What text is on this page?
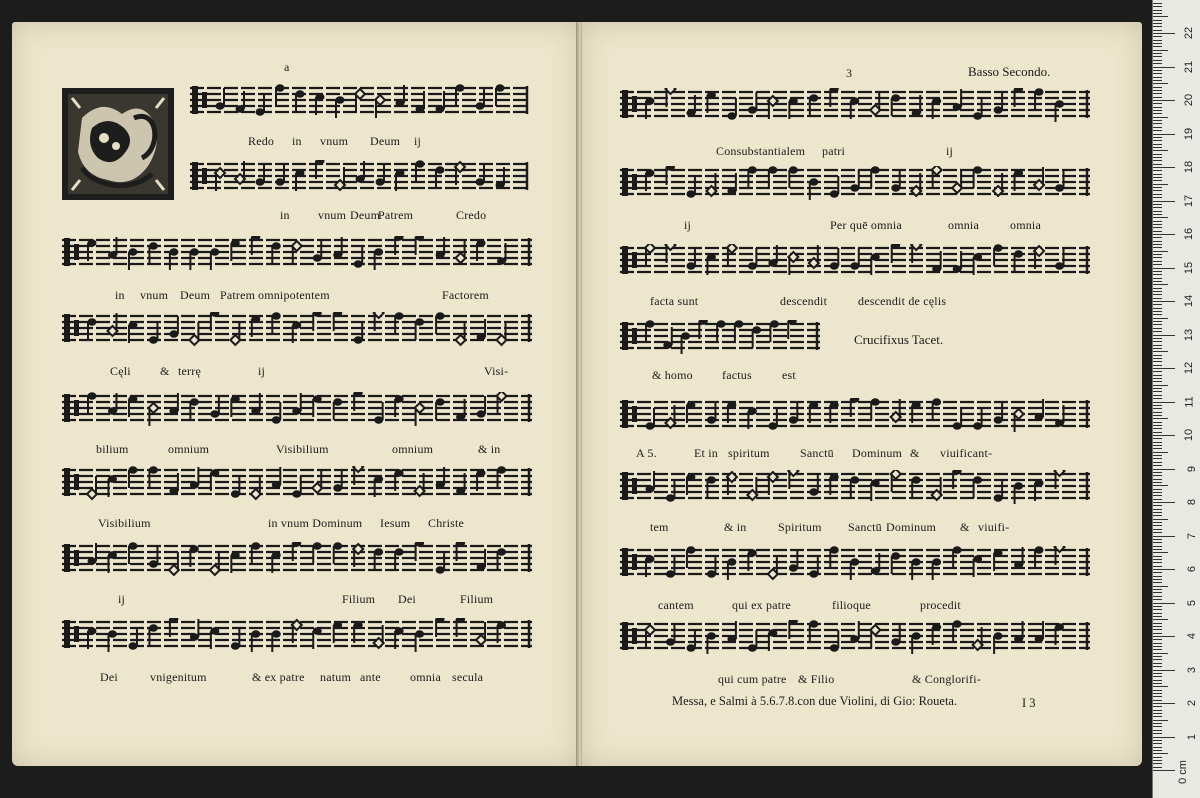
a	3	Basso Secondo.
Redo in vnum Deum ij
in vnum Deum
Patrem	Credo
in vnum Deum Patrem omnipotentem	Factorem
Cęli & terrę	ij	Visi-
bilium	omnium	Visibilium	omnium	& in
Visibilium	in vnum Dominum Iesum Christe
ij	Filium Dei	Filium
Dei	vnigenitum	& ex patre natum ante omnia secula
Consubstantialem patri	ij
ij	Per quē omnia	omnia	omnia
facta sunt	descendit	descendit de cęlis
& homo factus	est
A 5.	Et in spiritum	Sanctū Dominum & viuificant-
tem	& in	Spiritum Sanctū Dominum & viuifi-
cantem	qui ex patre	filioque	procedit
qui cum patre & Filio	& Conglorifi-
Crucifixus Tacet.
Messa, e Salmi à 5.6.7.8.con due Violini, di Gio: Roueta.	I 3
0 cm
1
2
3
4
5
6
7
8
9
10
11
12
13
14
15
16
17
18
19
20
21
22
